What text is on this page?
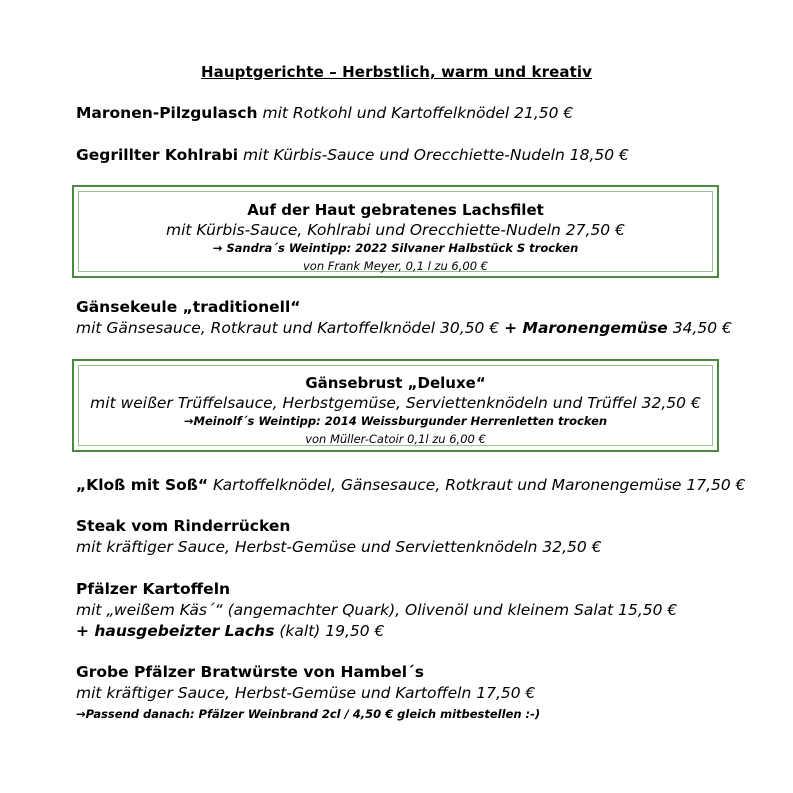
Hauptgerichte – Herbstlich, warm und kreativ
Maronen-Pilzgulasch mit Rotkohl und Kartoffelknödel 21,50 €
Gegrillter Kohlrabi mit Kürbis-Sauce und Orecchiette-Nudeln 18,50 €
Auf der Haut gebratenes Lachsfilet
mit Kürbis-Sauce, Kohlrabi und Orecchiette-Nudeln 27,50 €
→ Sandra´s Weintipp: 2022 Silvaner Halbstück S trocken
von Frank Meyer, 0,1 l zu 6,00 €
Gänsekeule „traditionell“
mit Gänsesauce, Rotkraut und Kartoffelknödel 30,50 € + Maronengemüse 34,50 €
Gänsebrust „Deluxe“
mit weißer Trüffelsauce, Herbstgemüse, Serviettenknödeln und Trüffel 32,50 €
→Meinolf´s Weintipp: 2014 Weissburgunder Herrenletten trocken
von Müller-Catoir 0,1l zu 6,00 €
„Kloß mit Soß“ Kartoffelknödel, Gänsesauce, Rotkraut und Maronengemüse 17,50 €
Steak vom Rinderrücken
mit kräftiger Sauce, Herbst-Gemüse und Serviettenknödeln 32,50 €
Pfälzer Kartoffeln
mit „weißem Käs´“ (angemachter Quark), Olivenöl und kleinem Salat 15,50 €
+ hausgebeizter Lachs (kalt) 19,50 €
Grobe Pfälzer Bratwürste von Hambel´s
mit kräftiger Sauce, Herbst-Gemüse und Kartoffeln 17,50 €
→Passend danach: Pfälzer Weinbrand 2cl / 4,50 € gleich mitbestellen :-)
